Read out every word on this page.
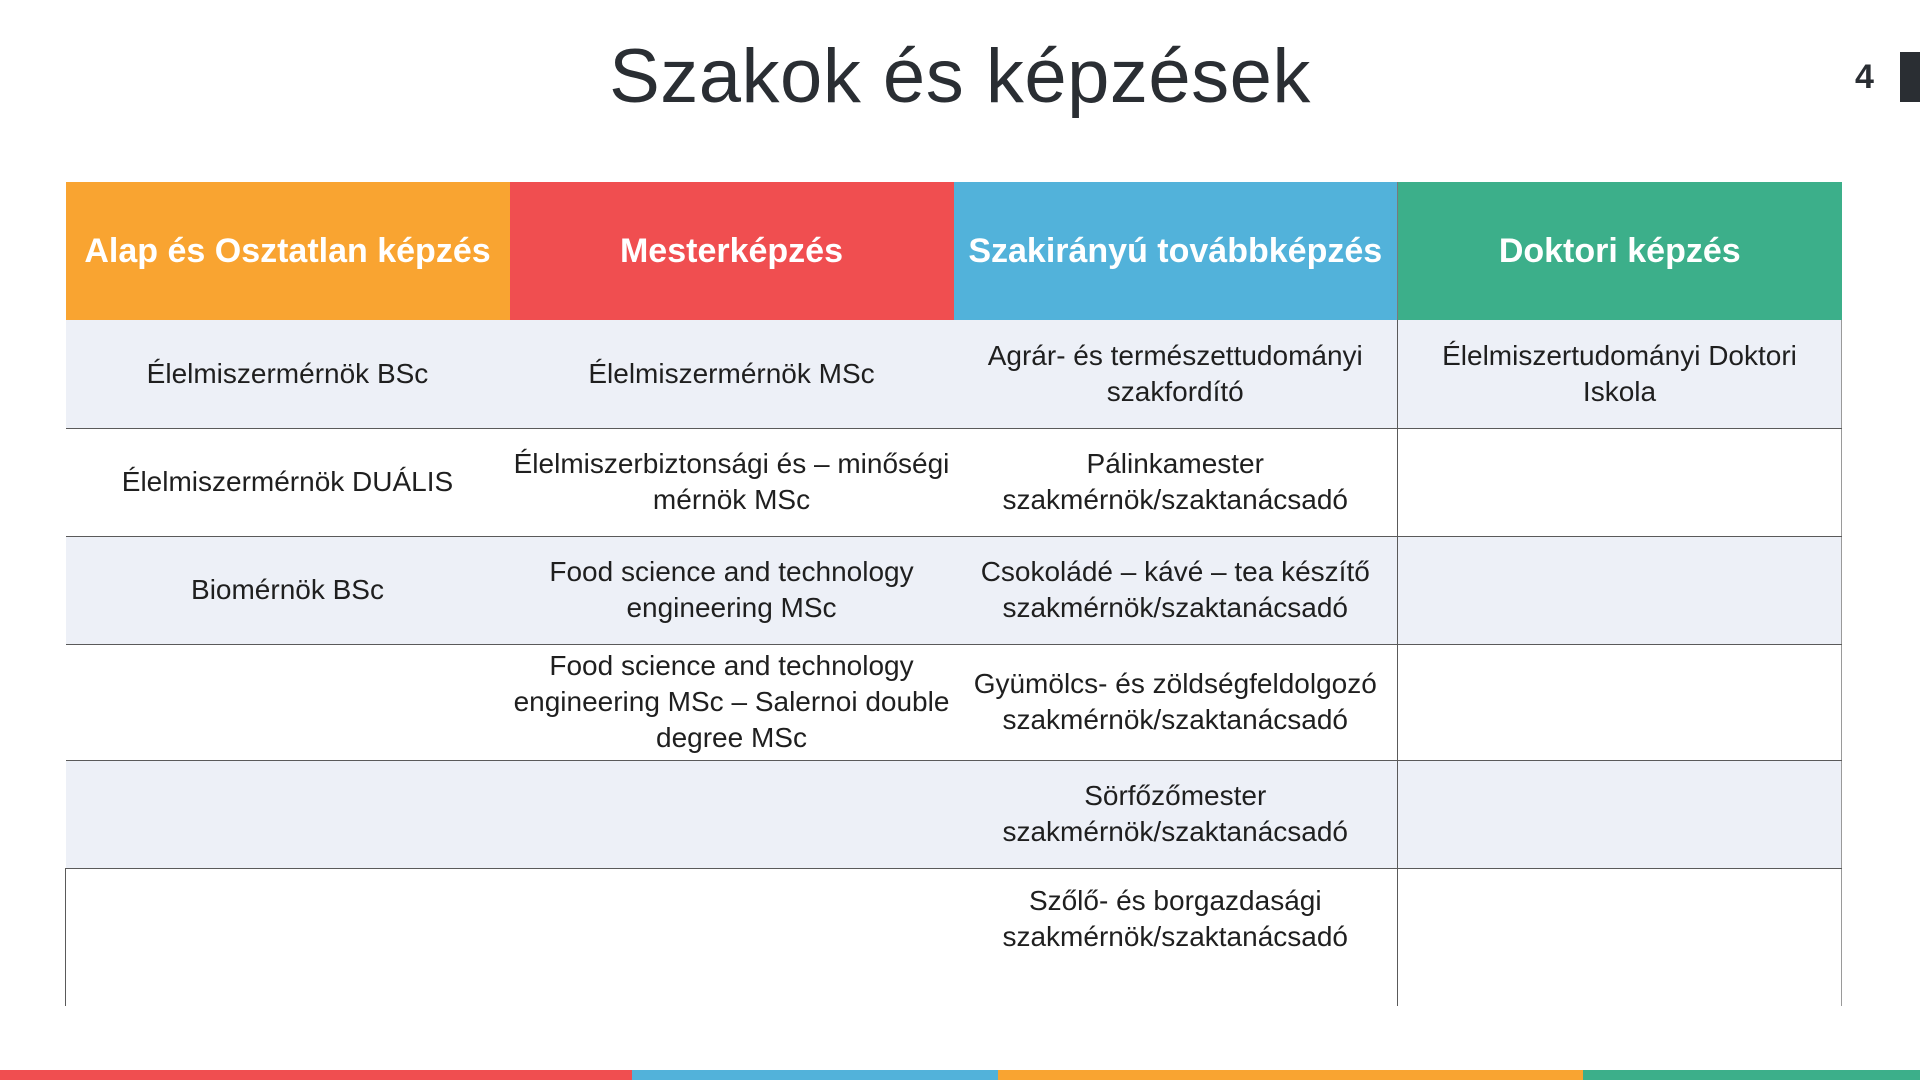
Szakok és képzések	4
Alap és Osztatlan képzés	Mesterképzés	Szakirányú továbbképzés	Doktori képzés
Élelmiszermérnök BSc	Élelmiszermérnök MSc	Agrár- és természettudományi szakfordító	Élelmiszertudományi Doktori Iskola
Élelmiszermérnök DUÁLIS	Élelmiszerbiztonsági és – minőségi mérnök MSc	Pálinkamester szakmérnök/szaktanácsadó	
Biomérnök BSc	Food science and technology engineering MSc	Csokoládé – kávé – tea készítő szakmérnök/szaktanácsadó	
	Food science and technology engineering MSc – Salernoi double degree MSc	Gyümölcs- és zöldségfeldolgozó szakmérnök/szaktanácsadó	
		Sörfőzőmester szakmérnök/szaktanácsadó	
		Szőlő- és borgazdasági szakmérnök/szaktanácsadó	
